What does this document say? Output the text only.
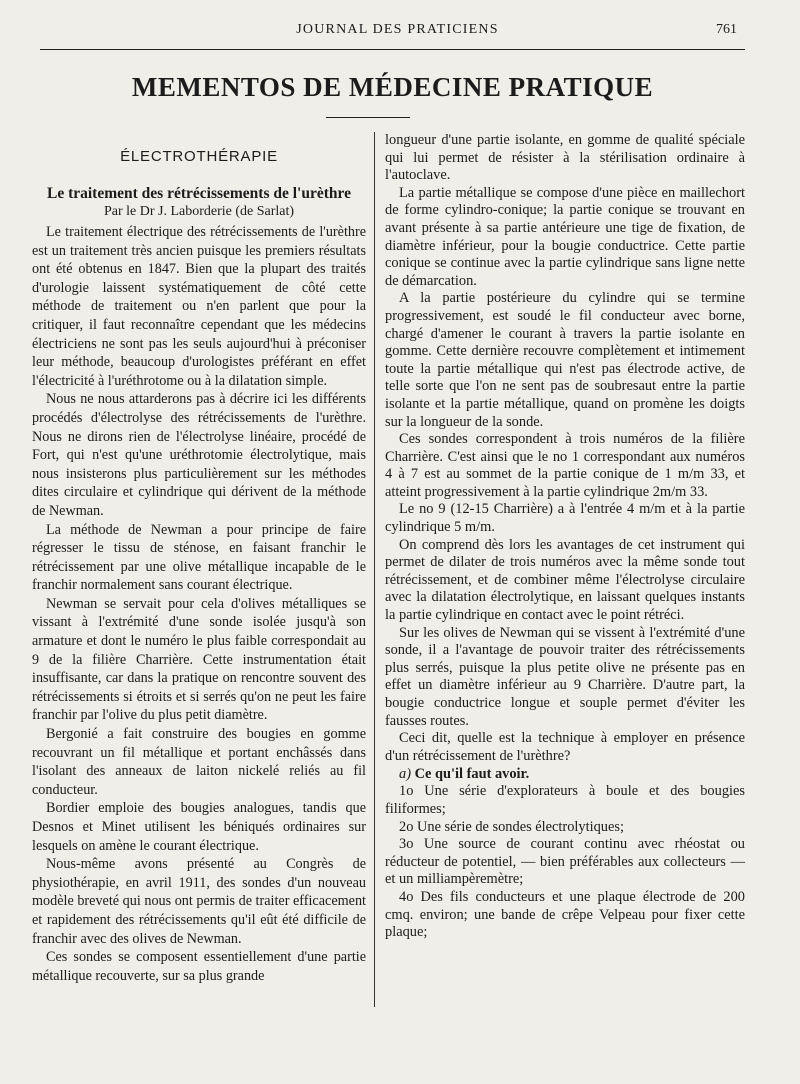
JOURNAL DES PRATICIENS	761
MEMENTOS DE MÉDECINE PRATIQUE
ÉLECTROTHÉRAPIE
Le traitement des rétrécissements de l'urèthre
Par le Dr J. Laborderie (de Sarlat)

Le traitement électrique des rétrécissements de l'urèthre est un traitement très ancien puisque les premiers résultats ont été obtenus en 1847. Bien que la plupart des traités d'urologie laissent systématiquement de côté cette méthode de traitement ou n'en parlent que pour la critiquer, il faut reconnaître cependant que les médecins électriciens ne sont pas les seuls aujourd'hui à préconiser leur méthode, beaucoup d'urologistes préférant en effet l'électricité à l'uréthrotome ou à la dilatation simple.

Nous ne nous attarderons pas à décrire ici les différents procédés d'électrolyse des rétrécissements de l'urèthre. Nous ne dirons rien de l'électrolyse linéaire, procédé de Fort, qui n'est qu'une uréthrotomie électrolytique, mais nous insisterons plus particulièrement sur les méthodes dites circulaire et cylindrique qui dérivent de la méthode de Newman.

La méthode de Newman a pour principe de faire régresser le tissu de sténose, en faisant franchir le rétrécissement par une olive métallique incapable de le franchir normalement sans courant électrique.

Newman se servait pour cela d'olives métalliques se vissant à l'extrémité d'une sonde isolée jusqu'à son armature et dont le numéro le plus faible correspondait au 9 de la filière Charrière. Cette instrumentation était insuffisante, car dans la pratique on rencontre souvent des rétrécissements si étroits et si serrés qu'on ne peut les faire franchir par l'olive du plus petit diamètre.

Bergonié a fait construire des bougies en gomme recouvrant un fil métallique et portant enchâssés dans l'isolant des anneaux de laiton nickelé reliés au fil conducteur.

Bordier emploie des bougies analogues, tandis que Desnos et Minet utilisent les béniqués ordinaires sur lesquels on amène le courant électrique.

Nous-même avons présenté au Congrès de physiothérapie, en avril 1911, des sondes d'un nouveau modèle breveté qui nous ont permis de traiter efficacement et rapidement des rétrécissements qu'il eût été difficile de franchir avec des olives de Newman.

Ces sondes se composent essentiellement d'une partie métallique recouverte, sur sa plus grande

longueur d'une partie isolante, en gomme de qualité spéciale qui lui permet de résister à la stérilisation ordinaire à l'autoclave.

La partie métallique se compose d'une pièce en maillechort de forme cylindro-conique; la partie conique se trouvant en avant présente à sa partie antérieure une tige de fixation, de diamètre inférieur, pour la bougie conductrice. Cette partie conique se continue avec la partie cylindrique sans ligne nette de démarcation.

A la partie postérieure du cylindre qui se termine progressivement, est soudé le fil conducteur avec borne, chargé d'amener le courant à travers la partie isolante en gomme. Cette dernière recouvre complètement et intimement toute la partie métallique qui n'est pas électrode active, de telle sorte que l'on ne sent pas de soubresaut entre la partie isolante et la partie métallique, quand on promène les doigts sur la longueur de la sonde.

Ces sondes correspondent à trois numéros de la filière Charrière. C'est ainsi que le no 1 correspondant aux numéros 4 à 7 est au sommet de la partie conique de 1 m/m 33, et atteint progressivement à la partie cylindrique 2m/m 33.

Le no 9 (12-15 Charrière) a à l'entrée 4 m/m et à la partie cylindrique 5 m/m.

On comprend dès lors les avantages de cet instrument qui permet de dilater de trois numéros avec la même sonde tout rétrécissement, et de combiner même l'électrolyse circulaire avec la dilatation électrolytique, en laissant quelques instants la partie cylindrique en contact avec le point rétréci.

Sur les olives de Newman qui se vissent à l'extrémité d'une sonde, il a l'avantage de pouvoir traiter des rétrécissements plus serrés, puisque la plus petite olive ne présente pas en effet un diamètre inférieur au 9 Charrière. D'autre part, la bougie conductrice longue et souple permet d'éviter les fausses routes.

Ceci dit, quelle est la technique à employer en présence d'un rétrécissement de l'urèthre?

a) Ce qu'il faut avoir.

1o Une série d'explorateurs à boule et des bougies filiformes;

2o Une série de sondes électrolytiques;

3o Une source de courant continu avec rhéostat ou réducteur de potentiel, — bien préférables aux collecteurs — et un milliampèremètre;

4o Des fils conducteurs et une plaque électrode de 200 cmq. environ; une bande de crêpe Velpeau pour fixer cette plaque;
